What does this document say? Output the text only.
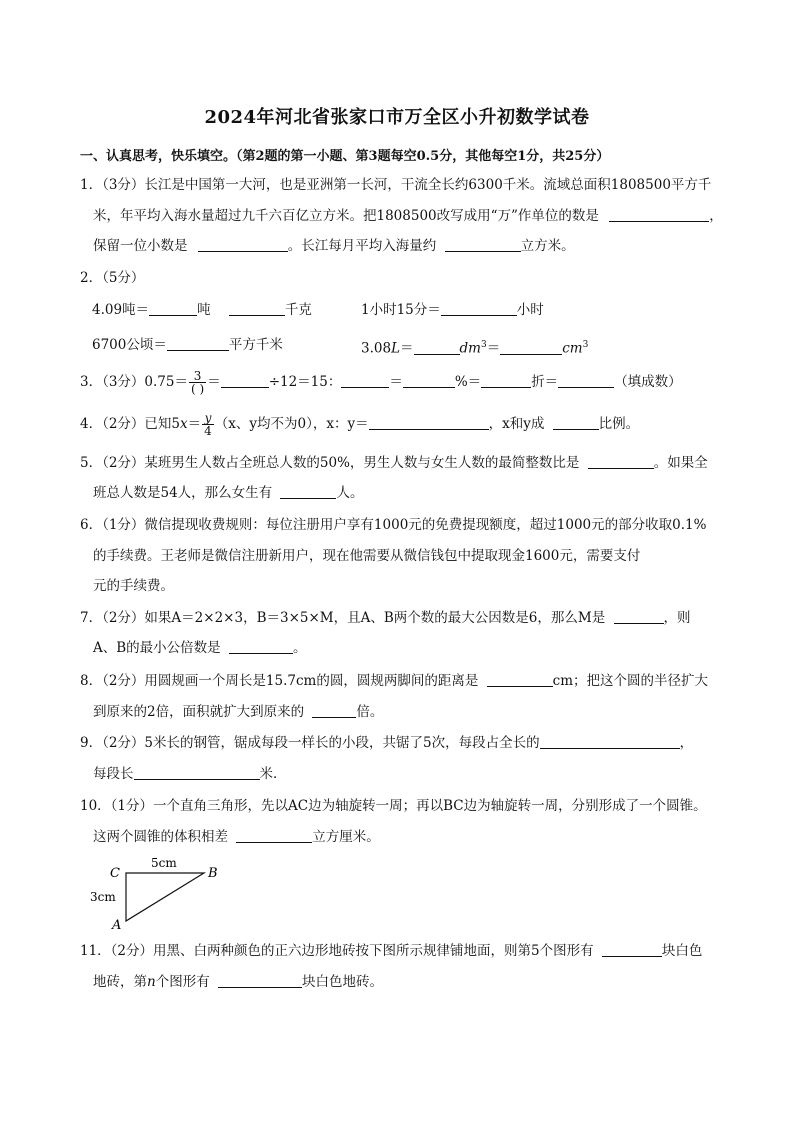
2024年河北省张家口市万全区小升初数学试卷
一、认真思考，快乐填空。（第2题的第一小题、第3题每空0.5分，其他每空1分，共25分）
1．（3分）长江是中国第一大河，也是亚洲第一长河，干流全长约6300千米。流域总面积1808500平方千
米，年平均入海水量超过九千六百亿立方米。把1808500改写成用“万”作单位的数是	，
保留一位小数是	。长江每月平均入海量约	立方米。
2．（5分）
4.09吨＝	吨	千克	1小时15分＝	小时
6700公顷＝	平方千米	3.08L＝	$dm^3=$	$cm^3$
3．（3分）$0.75= \frac{3}{( )}$ ＝	÷12＝15：	＝	%＝	折＝	（填成数）
4．（2分）已知$5x= \frac{y}{4} (x$、y均不为0），x：y＝	，x和y成	比例。
5．（2分）某班男生人数占全班总人数的50%，男生人数与女生人数的最简整数比是	。如果全
班总人数是54人，那么女生有	人。
6．（1分）微信提现收费规则：每位注册用户享有1000元的免费提现额度，超过1000元的部分收取0.1%
的手续费。王老师是微信注册新用户，现在他需要从微信钱包中提取现金1600元，需要支付
元的手续费。
7．（2分）如果A＝2×2×3，B＝3×5×M，且A、B两个数的最大公因数是6，那么M是	，则
A、B的最小公倍数是	。
8．（2分）用圆规画一个周长是15.7cm的圆，圆规两脚间的距离是	cm；把这个圆的半径扩大
到原来的2倍，面积就扩大到原来的	倍。
9．（2分）5米长的钢管，锯成每段一样长的小段，共锯了5次，每段占全长的	，
每段长	米．
10．（1分）一个直角三角形，先以AC边为轴旋转一周；再以BC边为轴旋转一周，分别形成了一个圆锥。
这两个圆锥的体积相差	立方厘米。
C	B
A
5cm
3cm
11．（2分）用黑、白两种颜色的正六边形地砖按下图所示规律铺地面，则第5个图形有	块白色
地砖，第n个图形有	块白色地砖。
